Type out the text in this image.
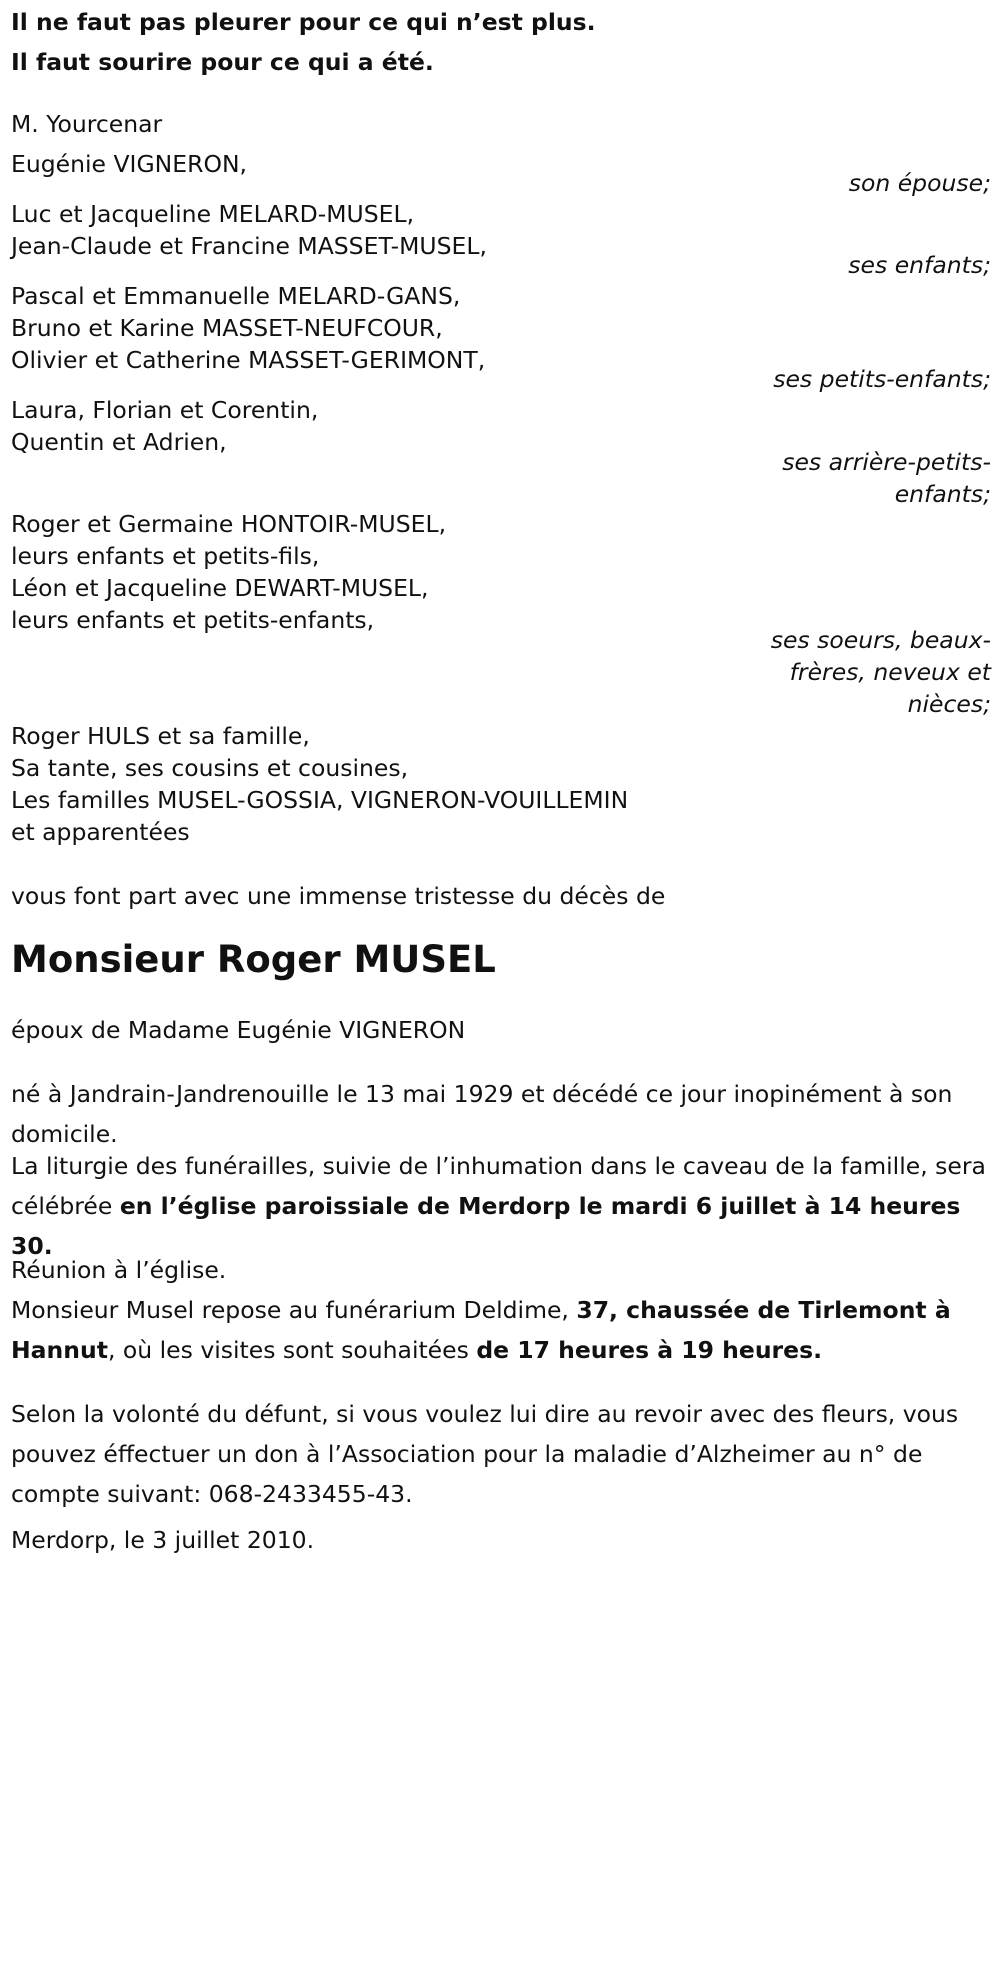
Il ne faut pas pleurer pour ce qui n’est plus.
Il faut sourire pour ce qui a été.
M. Yourcenar
Eugénie VIGNERON,
son épouse;
Luc et Jacqueline MELARD-MUSEL,
Jean-Claude et Francine MASSET-MUSEL,
ses enfants;
Pascal et Emmanuelle MELARD-GANS,
Bruno et Karine MASSET-NEUFCOUR,
Olivier et Catherine MASSET-GERIMONT,
ses petits-enfants;
Laura, Florian et Corentin,
Quentin et Adrien,
ses arrière-petits-
enfants;
Roger et Germaine HONTOIR-MUSEL,
leurs enfants et petits-fils,
Léon et Jacqueline DEWART-MUSEL,
leurs enfants et petits-enfants,
ses soeurs, beaux-
frères, neveux et
nièces;
Roger HULS et sa famille,
Sa tante, ses cousins et cousines,
Les familles MUSEL-GOSSIA, VIGNERON-VOUILLEMIN
et apparentées
vous font part avec une immense tristesse du décès de
Monsieur Roger MUSEL
époux de Madame Eugénie VIGNERON
né à Jandrain-Jandrenouille le 13 mai 1929 et décédé ce jour inopinément à son domicile.
La liturgie des funérailles, suivie de l’inhumation dans le caveau de la famille, sera célébrée en l’église paroissiale de Merdorp le mardi 6 juillet à 14 heures 30.
Réunion à l’église.
Monsieur Musel repose au funérarium Deldime, 37, chaussée de Tirlemont à Hannut, où les visites sont souhaitées de 17 heures à 19 heures.
Selon la volonté du défunt, si vous voulez lui dire au revoir avec des fleurs, vous pouvez éffectuer un don à l’Association pour la maladie d’Alzheimer au n° de compte suivant: 068-2433455-43.
Merdorp, le 3 juillet 2010.
